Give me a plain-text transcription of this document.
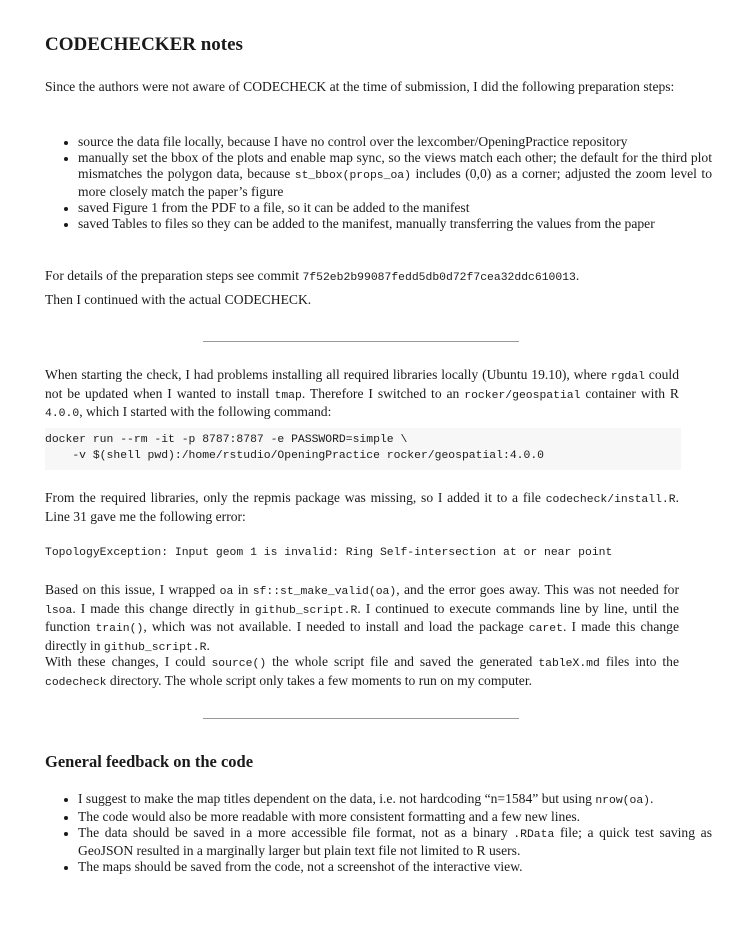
CODECHECKER notes
Since the authors were not aware of CODECHECK at the time of submission, I did the following preparation steps:
• source the data file locally, because I have no control over the lexcomber/OpeningPractice repository
• manually set the bbox of the plots and enable map sync, so the views match each other; the default for the third plot mismatches the polygon data, because st_bbox(props_oa) includes (0,0) as a corner; adjusted the zoom level to more closely match the paper’s figure
• saved Figure 1 from the PDF to a file, so it can be added to the manifest
• saved Tables to files so they can be added to the manifest, manually transferring the values from the paper
For details of the preparation steps see commit 7f52eb2b99087fedd5db0d72f7cea32ddc610013.
Then I continued with the actual CODECHECK.
When starting the check, I had problems installing all required libraries locally (Ubuntu 19.10), where rgdal could not be updated when I wanted to install tmap. Therefore I switched to an rocker/geospatial container with R 4.0.0, which I started with the following command:
docker run --rm -it -p 8787:8787 -e PASSWORD=simple \
-v $(shell pwd):/home/rstudio/OpeningPractice rocker/geospatial:4.0.0
From the required libraries, only the repmis package was missing, so I added it to a file codecheck/install.R. Line 31 gave me the following error:
TopologyException: Input geom 1 is invalid: Ring Self-intersection at or near point
Based on this issue, I wrapped oa in sf::st_make_valid(oa), and the error goes away. This was not needed for lsoa. I made this change directly in github_script.R. I continued to execute commands line by line, until the function train(), which was not available. I needed to install and load the package caret. I made this change directly in github_script.R.
With these changes, I could source() the whole script file and saved the generated tableX.md files into the codecheck directory. The whole script only takes a few moments to run on my computer.
General feedback on the code
• I suggest to make the map titles dependent on the data, i.e. not hardcoding “n=1584” but using nrow(oa).
• The code would also be more readable with more consistent formatting and a few new lines.
• The data should be saved in a more accessible file format, not as a binary .RData file; a quick test saving as GeoJSON resulted in a marginally larger but plain text file not limited to R users.
• The maps should be saved from the code, not a screenshot of the interactive view.
